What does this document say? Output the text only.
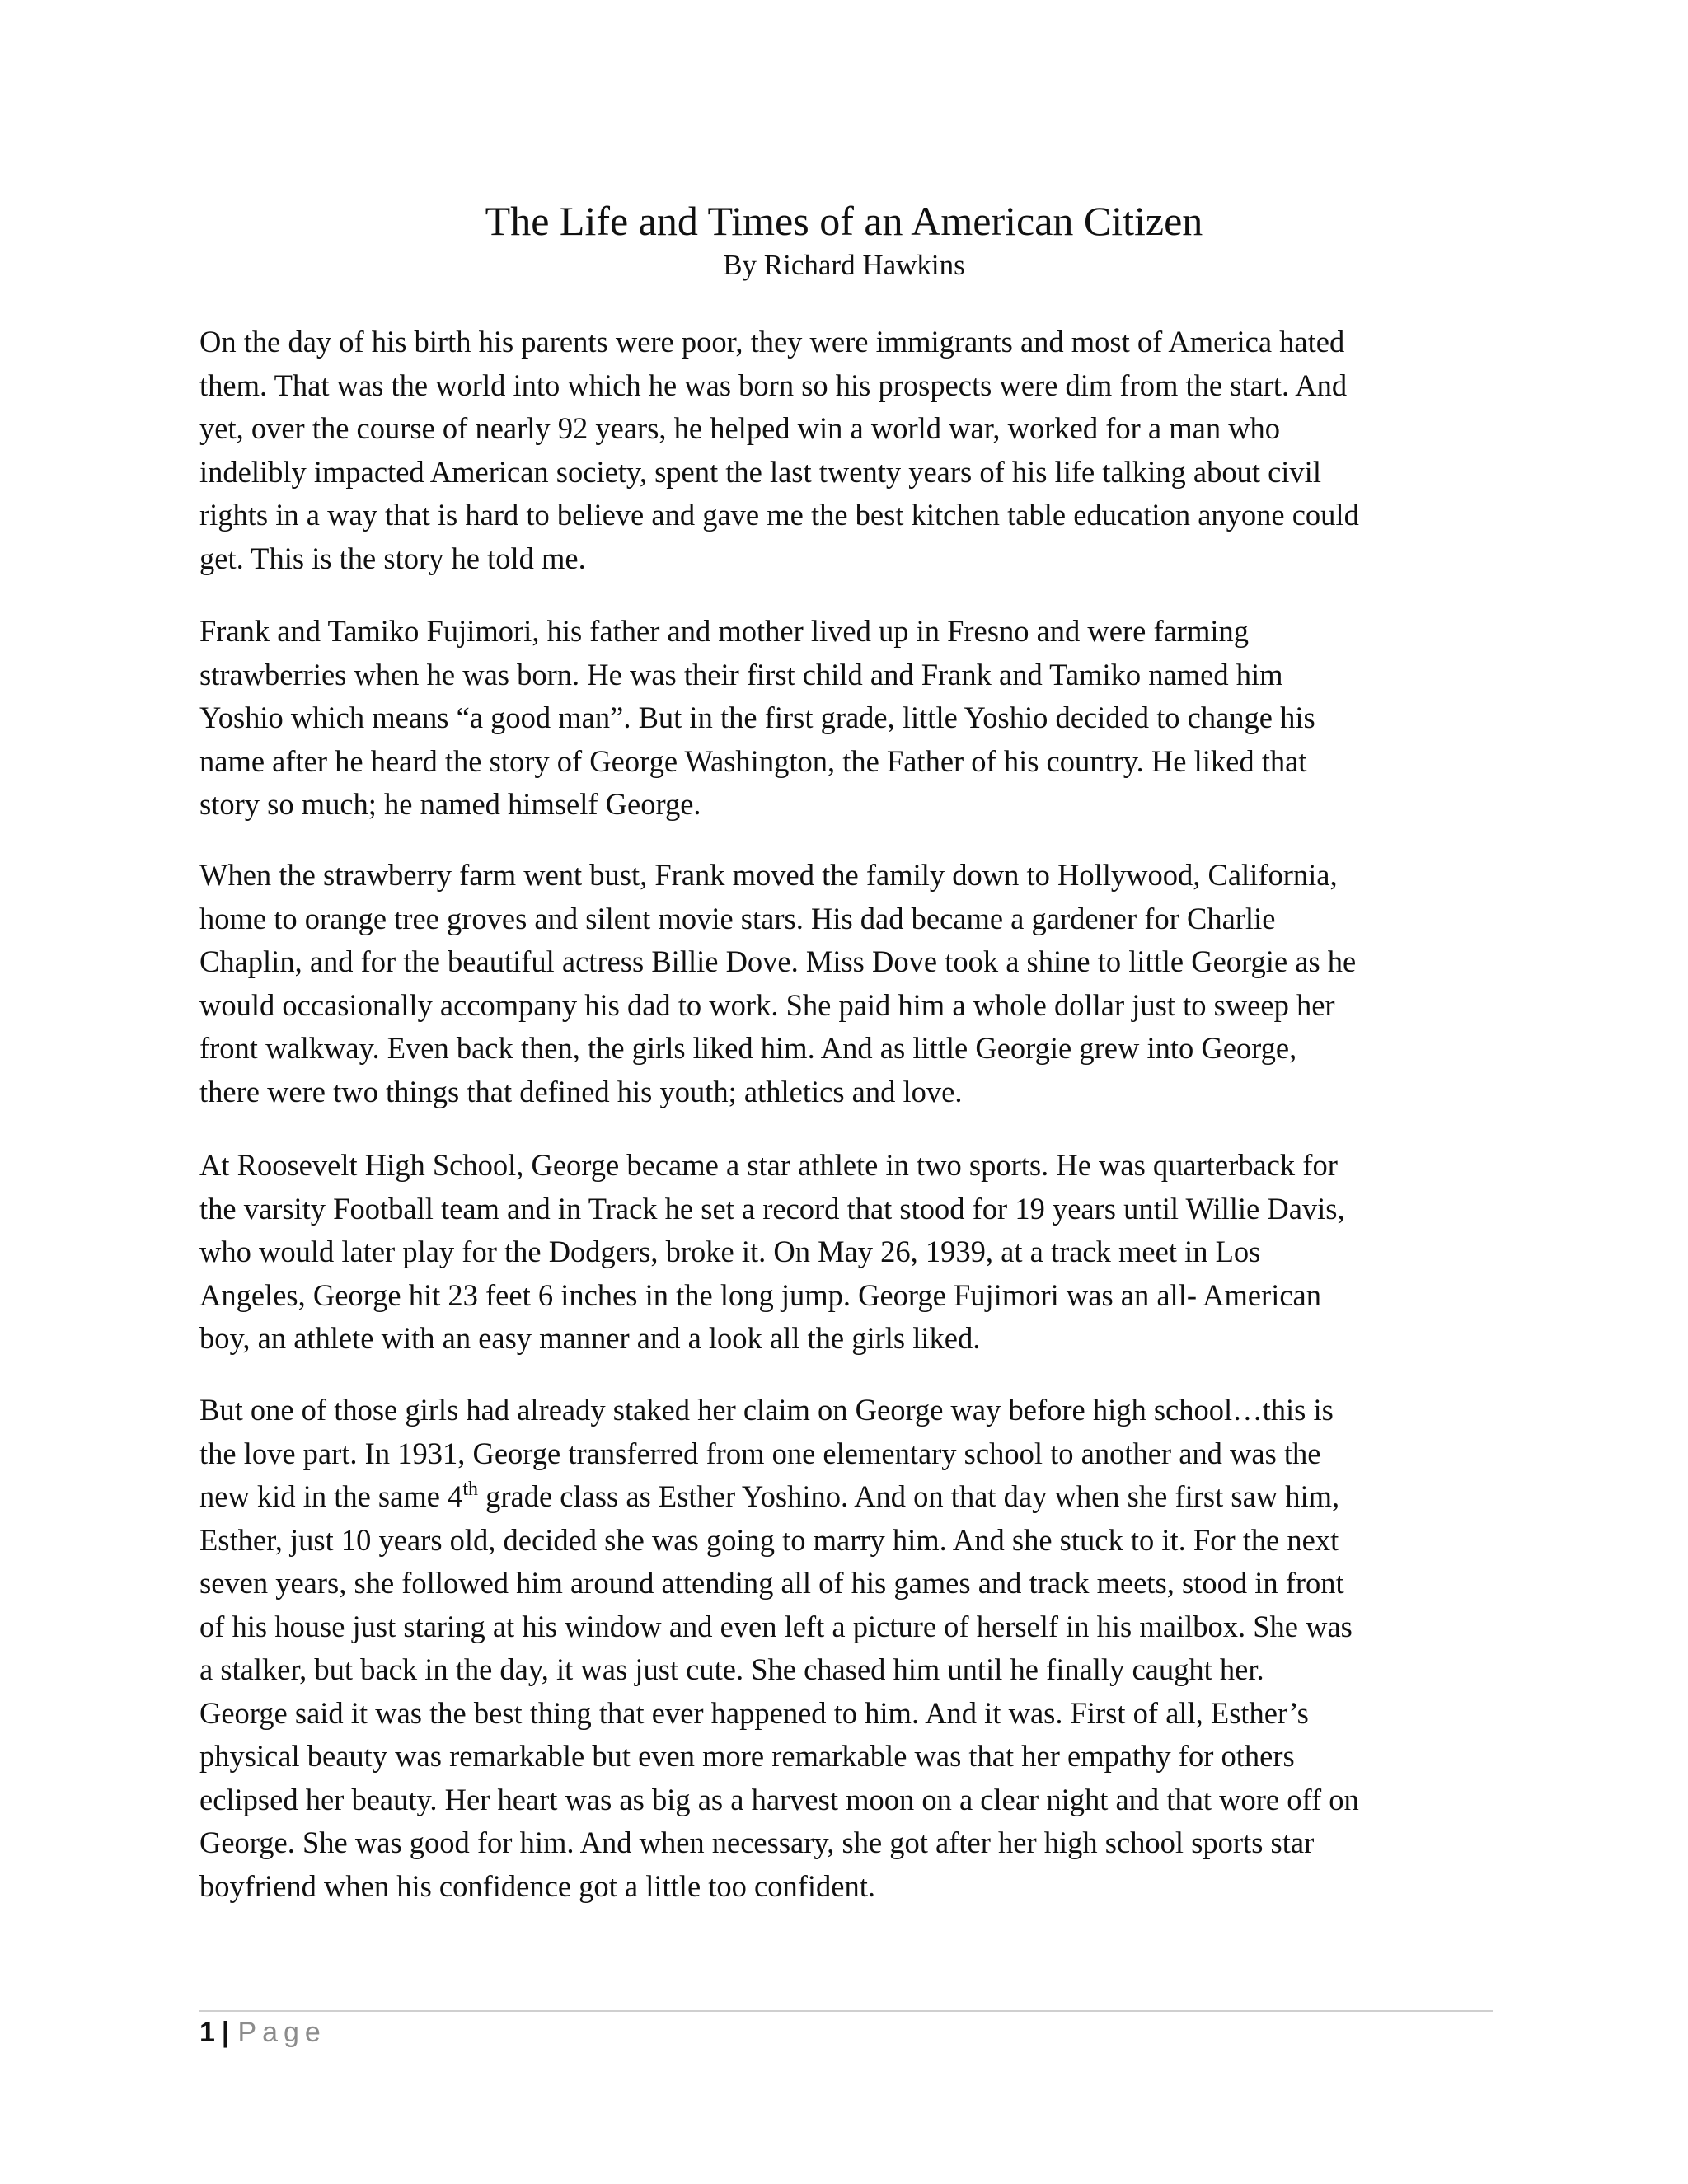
The Life and Times of an American Citizen
By Richard Hawkins

On the day of his birth his parents were poor, they were immigrants and most of America hated
them. That was the world into which he was born so his prospects were dim from the start. And
yet, over the course of nearly 92 years, he helped win a world war, worked for a man who
indelibly impacted American society, spent the last twenty years of his life talking about civil
rights in a way that is hard to believe and gave me the best kitchen table education anyone could
get. This is the story he told me.

Frank and Tamiko Fujimori, his father and mother lived up in Fresno and were farming
strawberries when he was born. He was their first child and Frank and Tamiko named him
Yoshio which means “a good man”. But in the first grade, little Yoshio decided to change his
name after he heard the story of George Washington, the Father of his country. He liked that
story so much; he named himself George.

When the strawberry farm went bust, Frank moved the family down to Hollywood, California,
home to orange tree groves and silent movie stars. His dad became a gardener for Charlie
Chaplin, and for the beautiful actress Billie Dove. Miss Dove took a shine to little Georgie as he
would occasionally accompany his dad to work. She paid him a whole dollar just to sweep her
front walkway. Even back then, the girls liked him. And as little Georgie grew into George,
there were two things that defined his youth; athletics and love.

At Roosevelt High School, George became a star athlete in two sports. He was quarterback for
the varsity Football team and in Track he set a record that stood for 19 years until Willie Davis,
who would later play for the Dodgers, broke it. On May 26, 1939, at a track meet in Los
Angeles, George hit 23 feet 6 inches in the long jump. George Fujimori was an all- American
boy, an athlete with an easy manner and a look all the girls liked.

But one of those girls had already staked her claim on George way before high school…this is
the love part. In 1931, George transferred from one elementary school to another and was the
new kid in the same 4th grade class as Esther Yoshino. And on that day when she first saw him,
Esther, just 10 years old, decided she was going to marry him. And she stuck to it. For the next
seven years, she followed him around attending all of his games and track meets, stood in front
of his house just staring at his window and even left a picture of herself in his mailbox. She was
a stalker, but back in the day, it was just cute. She chased him until he finally caught her.
George said it was the best thing that ever happened to him. And it was. First of all, Esther’s
physical beauty was remarkable but even more remarkable was that her empathy for others
eclipsed her beauty. Her heart was as big as a harvest moon on a clear night and that wore off on
George. She was good for him. And when necessary, she got after her high school sports star
boyfriend when his confidence got a little too confident.

1 | Page
